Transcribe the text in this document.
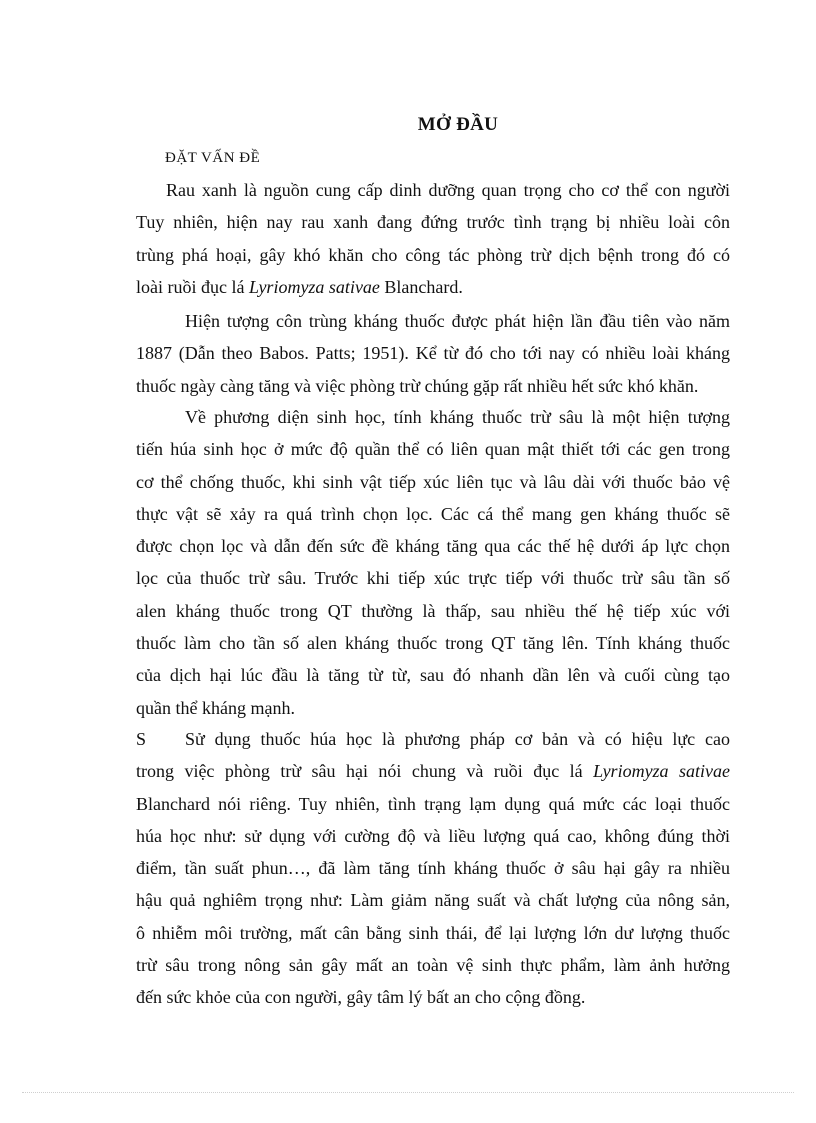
MỞ ĐẦU
ĐẶT VẤN ĐỀ
Rau xanh là nguồn cung cấp dinh dưỡng quan trọng cho cơ thể con người
Tuy nhiên, hiện nay rau xanh đang đứng trước tình trạng bị nhiều loài côn
trùng phá hoại, gây khó khăn cho công tác phòng trừ dịch bệnh trong đó có
loài ruồi đục lá Lyriomyza sativae Blanchard.
Hiện tượng côn trùng kháng thuốc được phát hiện lần đầu tiên vào năm
1887 (Dẫn theo Babos. Patts; 1951). Kể từ đó cho tới nay có nhiều loài kháng
thuốc ngày càng tăng và việc phòng trừ chúng gặp rất nhiều hết sức khó khăn.
Về phương diện sinh học, tính kháng thuốc trừ sâu là một hiện tượng
tiến húa sinh học ở mức độ quần thể có liên quan mật thiết tới các gen trong
cơ thể chống thuốc, khi sinh vật tiếp xúc liên tục và lâu dài với thuốc bảo vệ
thực vật sẽ xảy ra quá trình chọn lọc. Các cá thể mang gen kháng thuốc sẽ
được chọn lọc và dẫn đến sức đề kháng tăng qua các thế hệ dưới áp lực chọn
lọc của thuốc trừ sâu. Trước khi tiếp xúc trực tiếp với thuốc trừ sâu tần số
alen kháng thuốc trong QT thường là thấp, sau nhiều thế hệ tiếp xúc với
thuốc làm cho tần số alen kháng thuốc trong QT tăng lên. Tính kháng thuốc
của dịch hại lúc đầu là tăng từ từ, sau đó nhanh dần lên và cuối cùng tạo
quần thể kháng mạnh.
S Sử dụng thuốc húa học là phương pháp cơ bản và có hiệu lực cao
trong việc phòng trừ sâu hại nói chung và ruồi đục lá Lyriomyza sativae
Blanchard nói riêng. Tuy nhiên, tình trạng lạm dụng quá mức các loại thuốc
húa học như: sử dụng với cường độ và liều lượng quá cao, không đúng thời
điểm, tần suất phun…, đã làm tăng tính kháng thuốc ở sâu hại gây ra nhiều
hậu quả nghiêm trọng như: Làm giảm năng suất và chất lượng của nông sản,
ô nhiễm môi trường, mất cân bằng sinh thái, để lại lượng lớn dư lượng thuốc
trừ sâu trong nông sản gây mất an toàn vệ sinh thực phẩm, làm ảnh hưởng
đến sức khỏe của con người, gây tâm lý bất an cho cộng đồng.
